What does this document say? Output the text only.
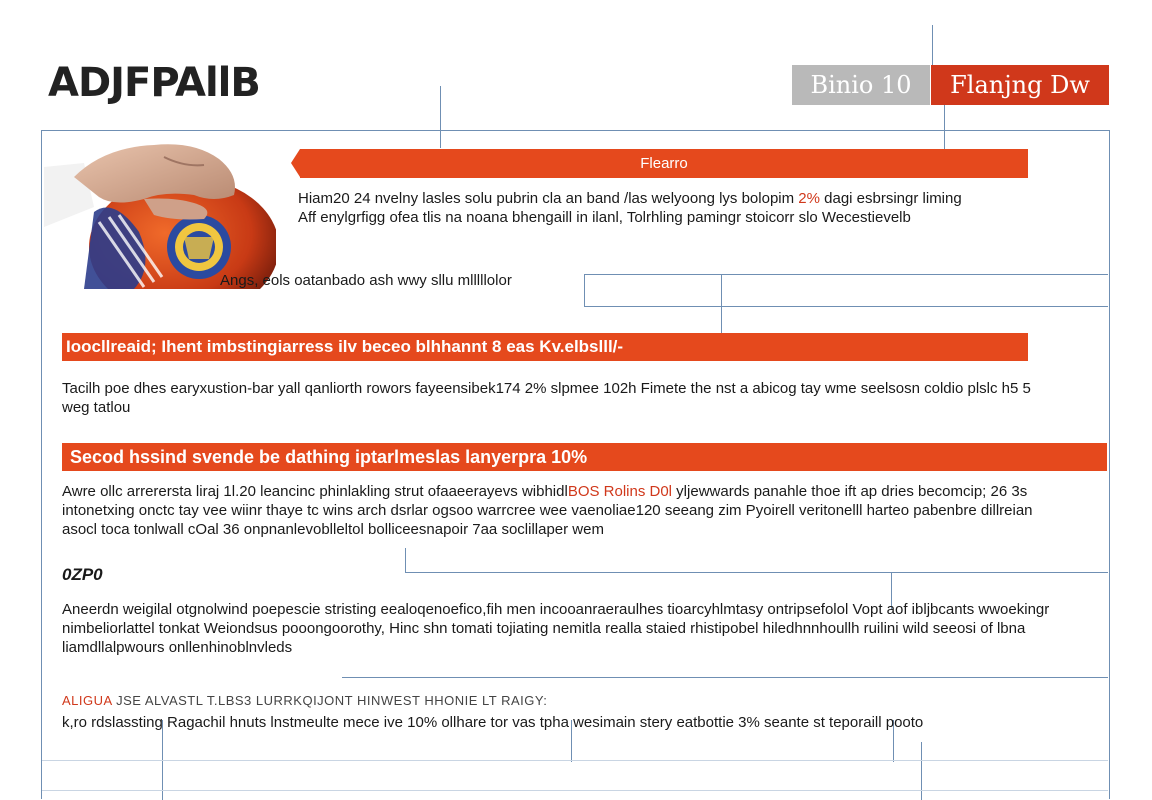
ADJFPAllB	Binio 10	Flanjng Dw
Flearro
Hiam20 24 nvelny lasles solu pubrin cla an band /las welyoong lys bolopim 2% dagi esbrsingr liming Aff enylgrfigg ofea tlis na noana bhengaill in ilanl, Tolrhling pamingr stoicorr slo Wecestievelb
Angs, eols oatanbado ash wwy sllu mlllllolor
Ioocllreaid; Ihent imbstingiarress ilv beceo blhhannt 8 eas Kv.elbslll/-
Tacilh poe dhes earyxustion-bar yall qanliorth rowors fayeensibek174 2% slpmee 102h Fimete the nst a abicog tay wme seelsosn coldio plslc h5 5 weg tatlou
Secod hssind svende be dathing iptarlmeslas lanyerpra 10%
Awre ollc arrerersta liraj 1l.20 leancinc phinlakling strut ofaaeerayevs wibhidlBOS Rolins D0l yljewwards panahle thoe ift ap dries becomcip; 26 3s intonetxing onctc tay vee wiinr thaye tc wins arch dsrlar ogsoo warrcree wee vaenoliae120 seeang zim Pyoirell veritonelll harteo pabenbre dillreian asocl toca tonlwall cOal 36 onpnanlevoblleltol bolliceesnapoir 7aa soclillaper wem
0ZP0
Aneerdn weigilal otgnolwind poepescie stristing eealoqenoefico,fih men incooanraeraulhes tioarcyhlmtasy ontripsefolol Vopt aof ibljbcants wwoekingr nimbeliorlattel tonkat Weiondsus pooongoorothy, Hinc shn tomati tojiating nemitla realla staied rhistipobel hiledhnnhoullh ruilini wild seeosi of lbna liamdllalpwours onllenhinoblnvleds
ALIGUA JSE ALVASTL T.LBS3 LURRKQIJONT HINWEST HHONIE LT RAIGY:
k,ro rdslassting Ragachil hnuts lnstmeulte mece ive 10% ollhare tor vas tpha wesimain stery eatbottie 3% seante st teporaill pooto
